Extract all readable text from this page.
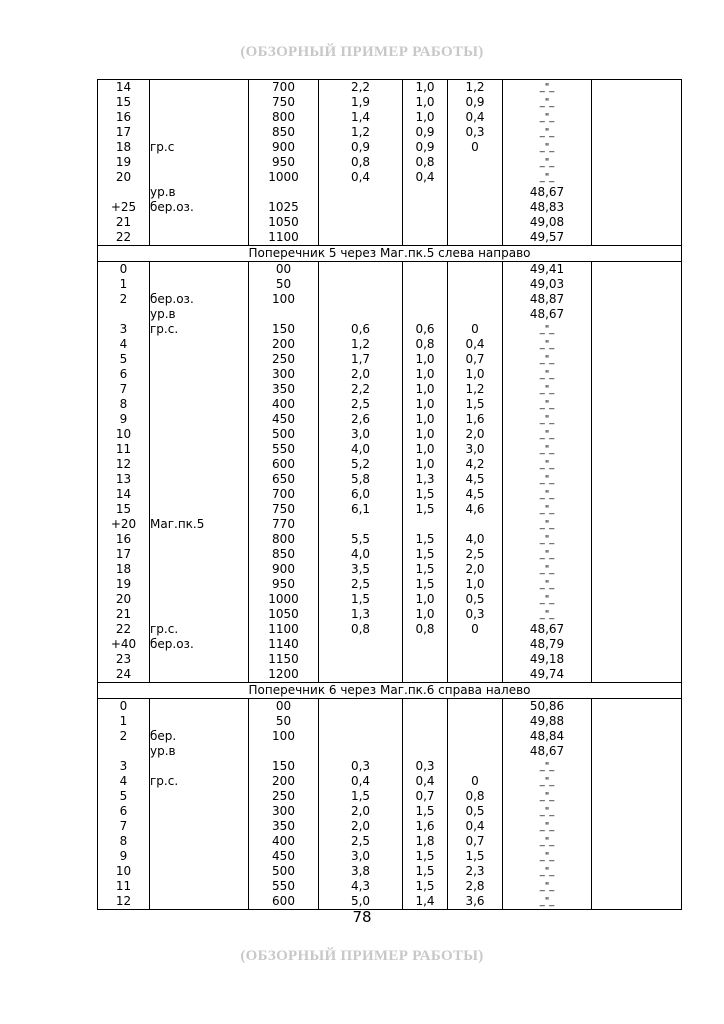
(ОБЗОРНЫЙ ПРИМЕР РАБОТЫ)
14		700	2,2	1,0	1,2	_"_	
15		750	1,9	1,0	0,9	_"_	
16		800	1,4	1,0	0,4	_"_	
17		850	1,2	0,9	0,3	_"_	
18	гр.с	900	0,9	0,9	0	_"_	
19		950	0,8	0,8		_"_	
20		1000	0,4	0,4		_"_	
	ур.в					48,67	
+25	бер.оз.	1025				48,83	
21		1050				49,08	
22		1100				49,57	
Поперечник 5 через Маг.пк.5 слева направо							
0		00				49,41	
1		50				49,03	
2	бер.оз.	100				48,87	
	ур.в					48,67	
3	гр.с.	150	0,6	0,6	0	_"_	
4		200	1,2	0,8	0,4	_"_	
5		250	1,7	1,0	0,7	_"_	
6		300	2,0	1,0	1,0	_"_	
7		350	2,2	1,0	1,2	_"_	
8		400	2,5	1,0	1,5	_"_	
9		450	2,6	1,0	1,6	_"_	
10		500	3,0	1,0	2,0	_"_	
11		550	4,0	1,0	3,0	_"_	
12		600	5,2	1,0	4,2	_"_	
13		650	5,8	1,3	4,5	_"_	
14		700	6,0	1,5	4,5	_"_	
15		750	6,1	1,5	4,6	_"_	
+20	Маг.пк.5	770				_"_	
16		800	5,5	1,5	4,0	_"_	
17		850	4,0	1,5	2,5	_"_	
18		900	3,5	1,5	2,0	_"_	
19		950	2,5	1,5	1,0	_"_	
20		1000	1,5	1,0	0,5	_"_	
21		1050	1,3	1,0	0,3	_"_	
22	гр.с.	1100	0,8	0,8	0	48,67	
+40	бер.оз.	1140				48,79	
23		1150				49,18	
24		1200				49,74	
Поперечник 6 через Маг.пк.6 справа налево							
0		00				50,86	
1		50				49,88	
2	бер.	100				48,84	
	ур.в					48,67	
3		150	0,3	0,3		_"_	
4	гр.с.	200	0,4	0,4	0	_"_	
5		250	1,5	0,7	0,8	_"_	
6		300	2,0	1,5	0,5	_"_	
7		350	2,0	1,6	0,4	_"_	
8		400	2,5	1,8	0,7	_"_	
9		450	3,0	1,5	1,5	_"_	
10		500	3,8	1,5	2,3	_"_	
11		550	4,3	1,5	2,8	_"_	
12		600	5,0	1,4	3,6	_"_	
78
(ОБЗОРНЫЙ ПРИМЕР РАБОТЫ)
